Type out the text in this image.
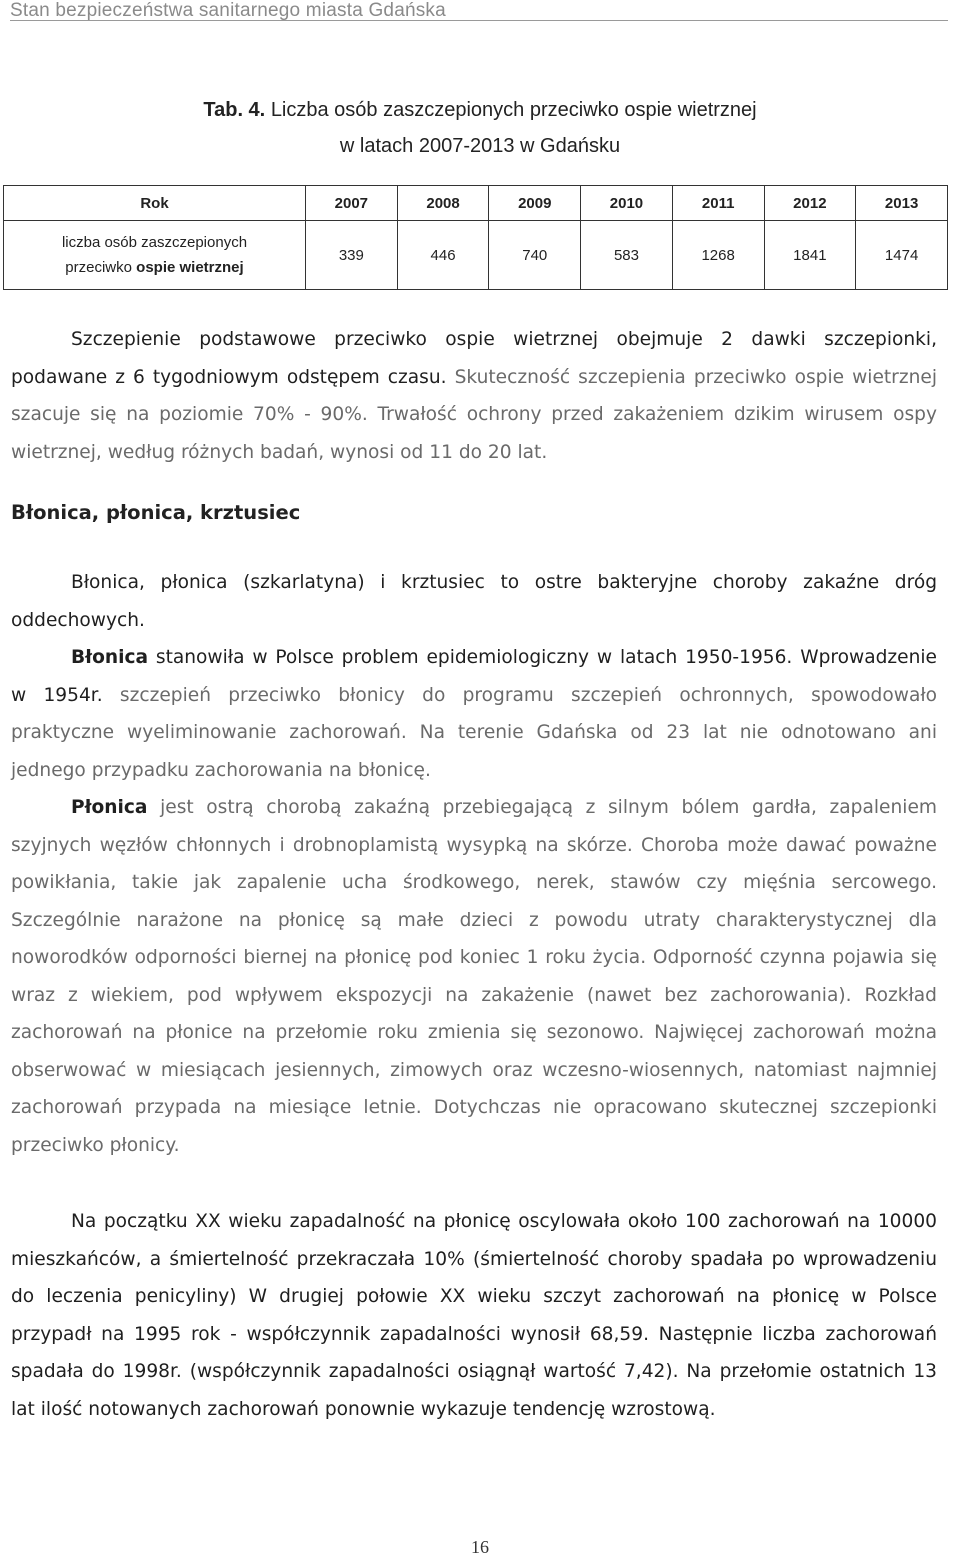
Stan bezpieczeństwa sanitarnego miasta Gdańska
Tab. 4. Liczba osób zaszczepionych przeciwko ospie wietrznej
w latach 2007-2013 w Gdańsku
Rok	2007	2008	2009	2010	2011	2012	2013
liczba osób zaszczepionych
przeciwko ospie wietrznej	339	446	740	583	1268	1841	1474

Szczepienie podstawowe przeciwko ospie wietrznej obejmuje 2 dawki szczepionki, podawane z 6 tygodniowym odstępem czasu. Skuteczność szczepienia przeciwko ospie wietrznej szacuje się na poziomie 70% - 90%. Trwałość ochrony przed zakażeniem dzikim wirusem ospy wietrznej, według różnych badań, wynosi od 11 do 20 lat.

Błonica, płonica, krztusiec

Błonica, płonica (szkarlatyna) i krztusiec to ostre bakteryjne choroby zakaźne dróg oddechowych.

Błonica stanowiła w Polsce problem epidemiologiczny w latach 1950-1956. Wprowadzenie w 1954r. szczepień przeciwko błonicy do programu szczepień ochronnych, spowodowało praktyczne wyeliminowanie zachorowań. Na terenie Gdańska od 23 lat nie odnotowano ani jednego przypadku zachorowania na błonicę.

Płonica jest ostrą chorobą zakaźną przebiegającą z silnym bólem gardła, zapaleniem szyjnych węzłów chłonnych i drobnoplamistą wysypką na skórze. Choroba może dawać poważne powikłania, takie jak zapalenie ucha środkowego, nerek, stawów czy mięśnia sercowego. Szczególnie narażone na płonicę są małe dzieci z powodu utraty charakterystycznej dla noworodków odporności biernej na płonicę pod koniec 1 roku życia. Odporność czynna pojawia się wraz z wiekiem, pod wpływem ekspozycji na zakażenie (nawet bez zachorowania). Rozkład zachorowań na płonice na przełomie roku zmienia się sezonowo. Najwięcej zachorowań można obserwować w miesiącach jesiennych, zimowych oraz wczesno-wiosennych, natomiast najmniej zachorowań przypada na miesiące letnie. Dotychczas nie opracowano skutecznej szczepionki przeciwko płonicy.

Na początku XX wieku zapadalność na płonicę oscylowała około 100 zachorowań na 10000 mieszkańców, a śmiertelność przekraczała 10% (śmiertelność choroby spadała po wprowadzeniu do leczenia penicyliny) W drugiej połowie XX wieku szczyt zachorowań na płonicę w Polsce przypadł na 1995 rok - współczynnik zapadalności wynosił 68,59. Następnie liczba zachorowań spadała do 1998r. (współczynnik zapadalności osiągnął wartość 7,42). Na przełomie ostatnich 13 lat ilość notowanych zachorowań ponownie wykazuje tendencję wzrostową.

16
